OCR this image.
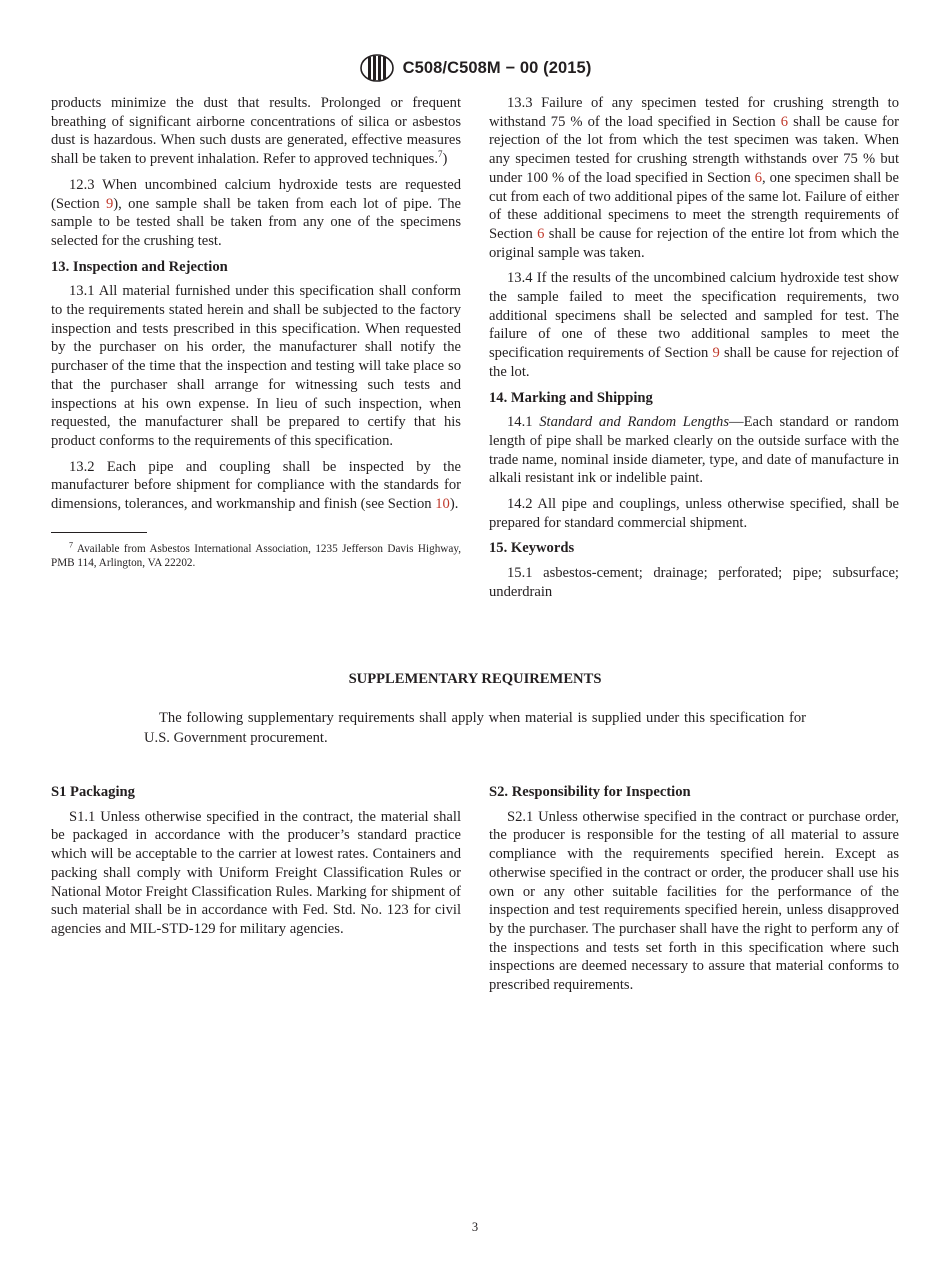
C508/C508M − 00 (2015)

products minimize the dust that results. Prolonged or frequent breathing of significant airborne concentrations of silica or asbestos dust is hazardous. When such dusts are generated, effective measures shall be taken to prevent inhalation. Refer to approved techniques.$^7$)

12.3 When uncombined calcium hydroxide tests are requested (Section 9), one sample shall be taken from each lot of pipe. The sample to be tested shall be taken from any one of the specimens selected for the crushing test.

13. Inspection and Rejection

13.1 All material furnished under this specification shall conform to the requirements stated herein and shall be subjected to the factory inspection and tests prescribed in this specification. When requested by the purchaser on his order, the manufacturer shall notify the purchaser of the time that the inspection and testing will take place so that the purchaser shall arrange for witnessing such tests and inspections at his own expense. In lieu of such inspection, when requested, the manufacturer shall be prepared to certify that his product conforms to the requirements of this specification.

13.2 Each pipe and coupling shall be inspected by the manufacturer before shipment for compliance with the standards for dimensions, tolerances, and workmanship and finish (see Section 10).

$^7$ Available from Asbestos International Association, 1235 Jefferson Davis Highway, PMB 114, Arlington, VA 22202.

13.3 Failure of any specimen tested for crushing strength to withstand 75 % of the load specified in Section 6 shall be cause for rejection of the lot from which the test specimen was taken. When any specimen tested for crushing strength withstands over 75 % but under 100 % of the load specified in Section 6, one specimen shall be cut from each of two additional pipes of the same lot. Failure of either of these additional specimens to meet the strength requirements of Section 6 shall be cause for rejection of the entire lot from which the original sample was taken.

13.4 If the results of the uncombined calcium hydroxide test show the sample failed to meet the specification requirements, two additional specimens shall be selected and sampled for test. The failure of one of these two additional samples to meet the specification requirements of Section 9 shall be cause for rejection of the lot.

14. Marking and Shipping

14.1 Standard and Random Lengths—Each standard or random length of pipe shall be marked clearly on the outside surface with the trade name, nominal inside diameter, type, and date of manufacture in alkali resistant ink or indelible paint.

14.2 All pipe and couplings, unless otherwise specified, shall be prepared for standard commercial shipment.

15. Keywords

15.1 asbestos-cement; drainage; perforated; pipe; subsurface; underdrain

SUPPLEMENTARY REQUIREMENTS

The following supplementary requirements shall apply when material is supplied under this specification for U.S. Government procurement.

S1 Packaging

S1.1 Unless otherwise specified in the contract, the material shall be packaged in accordance with the producer’s standard practice which will be acceptable to the carrier at lowest rates. Containers and packing shall comply with Uniform Freight Classification Rules or National Motor Freight Classification Rules. Marking for shipment of such material shall be in accordance with Fed. Std. No. 123 for civil agencies and MIL-STD-129 for military agencies.

S2. Responsibility for Inspection

S2.1 Unless otherwise specified in the contract or purchase order, the producer is responsible for the testing of all material to assure compliance with the requirements specified herein. Except as otherwise specified in the contract or order, the producer shall use his own or any other suitable facilities for the performance of the inspection and test requirements specified herein, unless disapproved by the purchaser. The purchaser shall have the right to perform any of the inspections and tests set forth in this specification where such inspections are deemed necessary to assure that material conforms to prescribed requirements.

3
